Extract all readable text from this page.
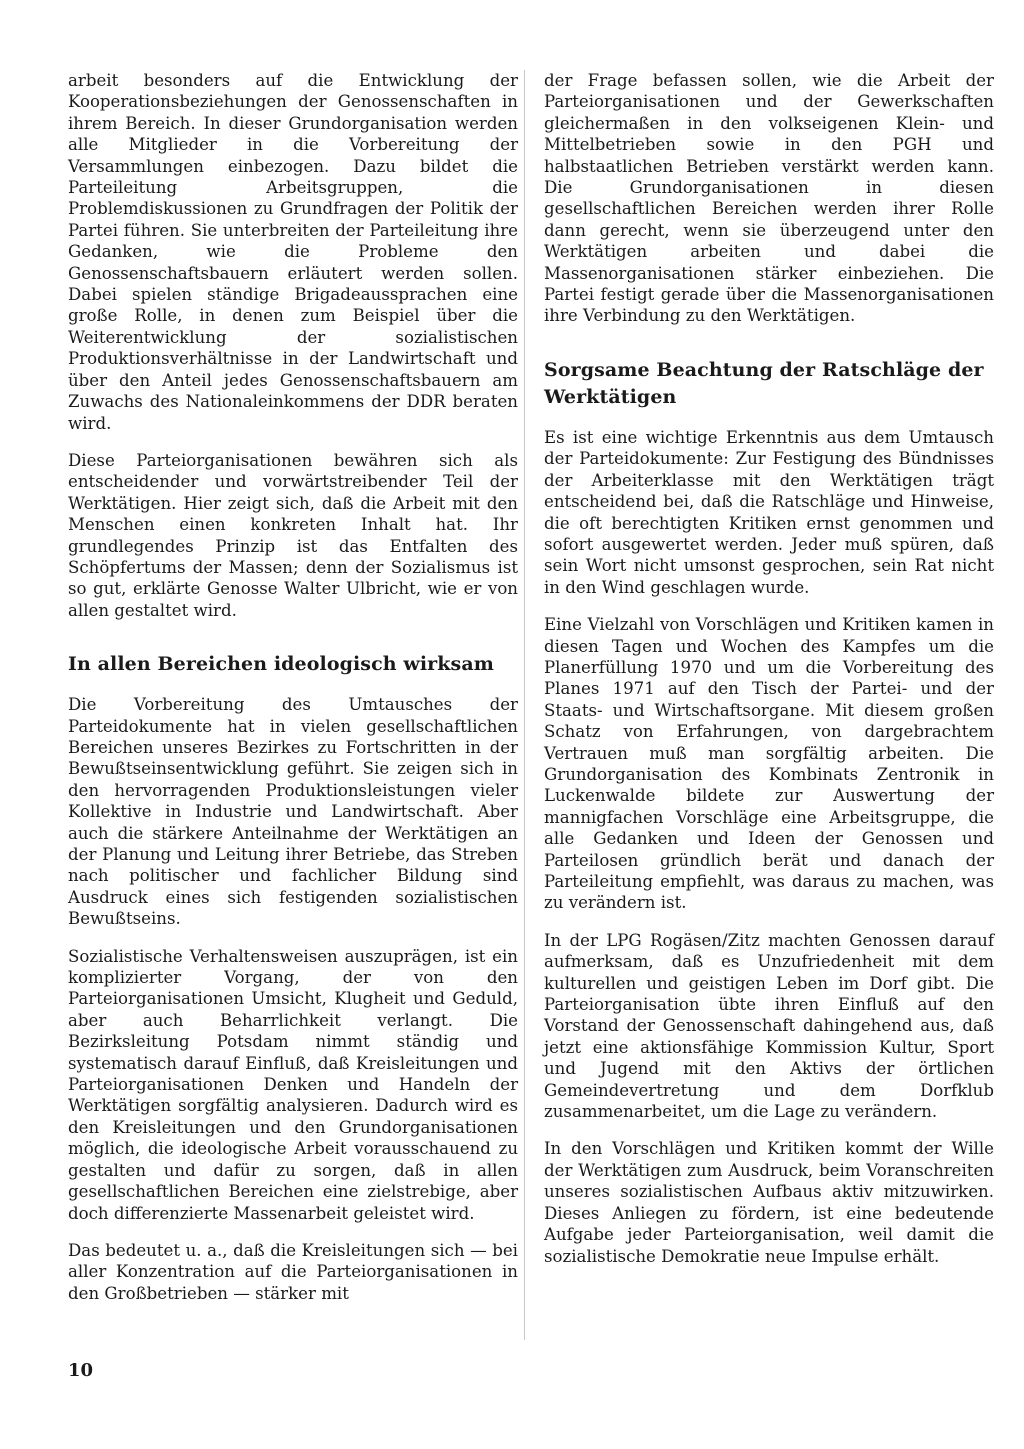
arbeit besonders auf die Entwicklung der Kooperationsbeziehungen der Genossenschaften in ihrem Bereich. In dieser Grundorganisation werden alle Mitglieder in die Vorbereitung der Versammlungen einbezogen. Dazu bildet die Parteileitung Arbeitsgruppen, die Problemdiskussionen zu Grundfragen der Politik der Partei führen. Sie unterbreiten der Parteileitung ihre Gedanken, wie die Probleme den Genossenschaftsbauern erläutert werden sollen. Dabei spielen ständige Brigadeaussprachen eine große Rolle, in denen zum Beispiel über die Weiterentwicklung der sozialistischen Produktionsverhältnisse in der Landwirtschaft und über den Anteil jedes Genossenschaftsbauern am Zuwachs des Nationaleinkommens der DDR beraten wird.

Diese Parteiorganisationen bewähren sich als entscheidender und vorwärtstreibender Teil der Werktätigen. Hier zeigt sich, daß die Arbeit mit den Menschen einen konkreten Inhalt hat. Ihr grundlegendes Prinzip ist das Entfalten des Schöpfertums der Massen; denn der Sozialismus ist so gut, erklärte Genosse Walter Ulbricht, wie er von allen gestaltet wird.

In allen Bereichen ideologisch wirksam

Die Vorbereitung des Umtausches der Parteidokumente hat in vielen gesellschaftlichen Bereichen unseres Bezirkes zu Fortschritten in der Bewußtseinsentwicklung geführt. Sie zeigen sich in den hervorragenden Produktionsleistungen vieler Kollektive in Industrie und Landwirtschaft. Aber auch die stärkere Anteilnahme der Werktätigen an der Planung und Leitung ihrer Betriebe, das Streben nach politischer und fachlicher Bildung sind Ausdruck eines sich festigenden sozialistischen Bewußtseins.

Sozialistische Verhaltensweisen auszuprägen, ist ein komplizierter Vorgang, der von den Parteiorganisationen Umsicht, Klugheit und Geduld, aber auch Beharrlichkeit verlangt. Die Bezirksleitung Potsdam nimmt ständig und systematisch darauf Einfluß, daß Kreisleitungen und Parteiorganisationen Denken und Handeln der Werktätigen sorgfältig analysieren. Dadurch wird es den Kreisleitungen und den Grundorganisationen möglich, die ideologische Arbeit vorausschauend zu gestalten und dafür zu sorgen, daß in allen gesellschaftlichen Bereichen eine zielstrebige, aber doch differenzierte Massenarbeit geleistet wird.

Das bedeutet u. a., daß die Kreisleitungen sich — bei aller Konzentration auf die Parteiorganisationen in den Großbetrieben — stärker mit

der Frage befassen sollen, wie die Arbeit der Parteiorganisationen und der Gewerkschaften gleichermaßen in den volkseigenen Klein- und Mittelbetrieben sowie in den PGH und halbstaatlichen Betrieben verstärkt werden kann. Die Grundorganisationen in diesen gesellschaftlichen Bereichen werden ihrer Rolle dann gerecht, wenn sie überzeugend unter den Werktätigen arbeiten und dabei die Massenorganisationen stärker einbeziehen. Die Partei festigt gerade über die Massenorganisationen ihre Verbindung zu den Werktätigen.

Sorgsame Beachtung der Ratschläge der Werktätigen

Es ist eine wichtige Erkenntnis aus dem Umtausch der Parteidokumente: Zur Festigung des Bündnisses der Arbeiterklasse mit den Werktätigen trägt entscheidend bei, daß die Ratschläge und Hinweise, die oft berechtigten Kritiken ernst genommen und sofort ausgewertet werden. Jeder muß spüren, daß sein Wort nicht umsonst gesprochen, sein Rat nicht in den Wind geschlagen wurde.

Eine Vielzahl von Vorschlägen und Kritiken kamen in diesen Tagen und Wochen des Kampfes um die Planerfüllung 1970 und um die Vorbereitung des Planes 1971 auf den Tisch der Partei- und der Staats- und Wirtschaftsorgane. Mit diesem großen Schatz von Erfahrungen, von dargebrachtem Vertrauen muß man sorgfältig arbeiten. Die Grundorganisation des Kombinats Zentronik in Luckenwalde bildete zur Auswertung der mannigfachen Vorschläge eine Arbeitsgruppe, die alle Gedanken und Ideen der Genossen und Parteilosen gründlich berät und danach der Parteileitung empfiehlt, was daraus zu machen, was zu verändern ist.

In der LPG Rogäsen/Zitz machten Genossen darauf aufmerksam, daß es Unzufriedenheit mit dem kulturellen und geistigen Leben im Dorf gibt. Die Parteiorganisation übte ihren Einfluß auf den Vorstand der Genossenschaft dahingehend aus, daß jetzt eine aktionsfähige Kommission Kultur, Sport und Jugend mit den Aktivs der örtlichen Gemeindevertretung und dem Dorfklub zusammenarbeitet, um die Lage zu verändern.

In den Vorschlägen und Kritiken kommt der Wille der Werktätigen zum Ausdruck, beim Voranschreiten unseres sozialistischen Aufbaus aktiv mitzuwirken. Dieses Anliegen zu fördern, ist eine bedeutende Aufgabe jeder Parteiorganisation, weil damit die sozialistische Demokratie neue Impulse erhält.

10
